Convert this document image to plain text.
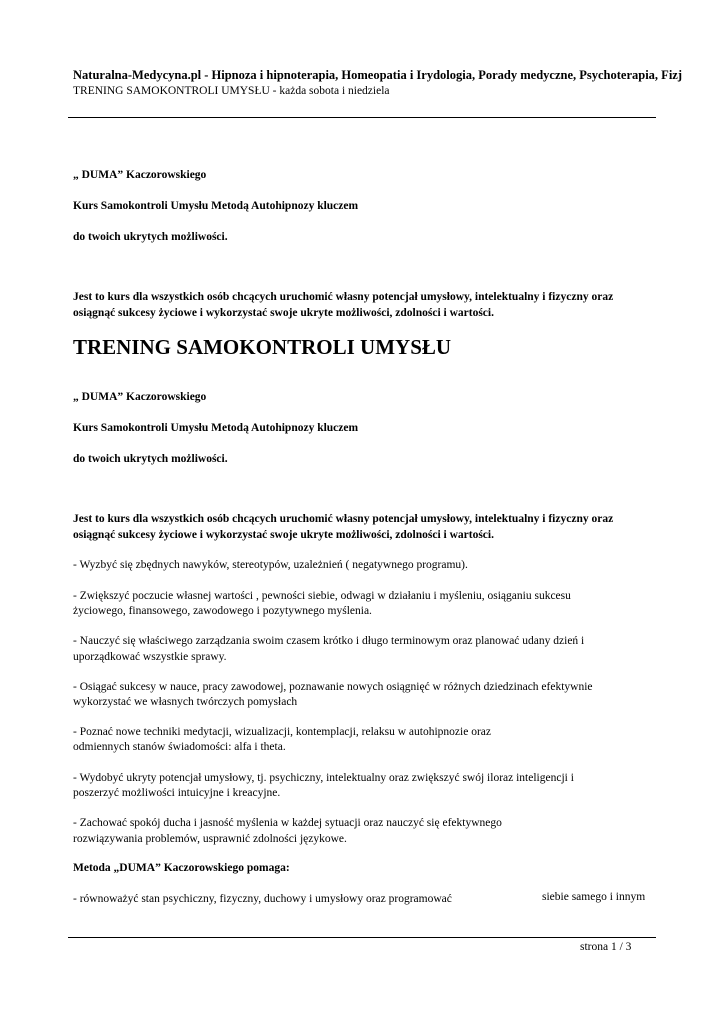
Naturalna-Medycyna.pl - Hipnoza i hipnoterapia, Homeopatia i Irydologia, Porady medyczne, Psychoterapia, Fizj
TRENING SAMOKONTROLI UMYSŁU - każda sobota i niedziela
„ DUMA” Kaczorowskiego
Kurs Samokontroli Umysłu Metodą Autohipnozy kluczem
do twoich ukrytych możliwości.
Jest to kurs dla wszystkich osób chcących uruchomić własny potencjał umysłowy, intelektualny i fizyczny oraz
osiągnąć sukcesy życiowe i wykorzystać swoje ukryte możliwości, zdolności i wartości.
TRENING SAMOKONTROLI UMYSŁU
„ DUMA” Kaczorowskiego
Kurs Samokontroli Umysłu Metodą Autohipnozy kluczem
do twoich ukrytych możliwości.
Jest to kurs dla wszystkich osób chcących uruchomić własny potencjał umysłowy, intelektualny i fizyczny oraz
osiągnąć sukcesy życiowe i wykorzystać swoje ukryte możliwości, zdolności i wartości.
- Wyzbyć się zbędnych nawyków, stereotypów, uzależnień ( negatywnego programu).
- Zwiększyć poczucie własnej wartości , pewności siebie, odwagi w działaniu i myśleniu, osiąganiu sukcesu
życiowego, finansowego, zawodowego i pozytywnego myślenia.
- Nauczyć się właściwego zarządzania swoim czasem krótko i długo terminowym oraz planować udany dzień i
uporządkować wszystkie sprawy.
- Osiągać sukcesy w nauce, pracy zawodowej, poznawanie nowych osiągnięć w różnych dziedzinach efektywnie
wykorzystać we własnych twórczych pomysłach
- Poznać nowe techniki medytacji, wizualizacji, kontemplacji, relaksu w autohipnozie oraz
odmiennych stanów świadomości: alfa i theta.
- Wydobyć ukryty potencjał umysłowy, tj. psychiczny, intelektualny oraz zwiększyć swój iloraz inteligencji i
poszerzyć możliwości intuicyjne i kreacyjne.
- Zachować spokój ducha i jasność myślenia w każdej sytuacji oraz nauczyć się efektywnego
rozwiązywania problemów, usprawnić zdolności językowe.
Metoda „DUMA” Kaczorowskiego pomaga:
- równoważyć stan psychiczny, fizyczny, duchowy i umysłowy oraz programować	siebie samego i innym
strona 1 / 3
